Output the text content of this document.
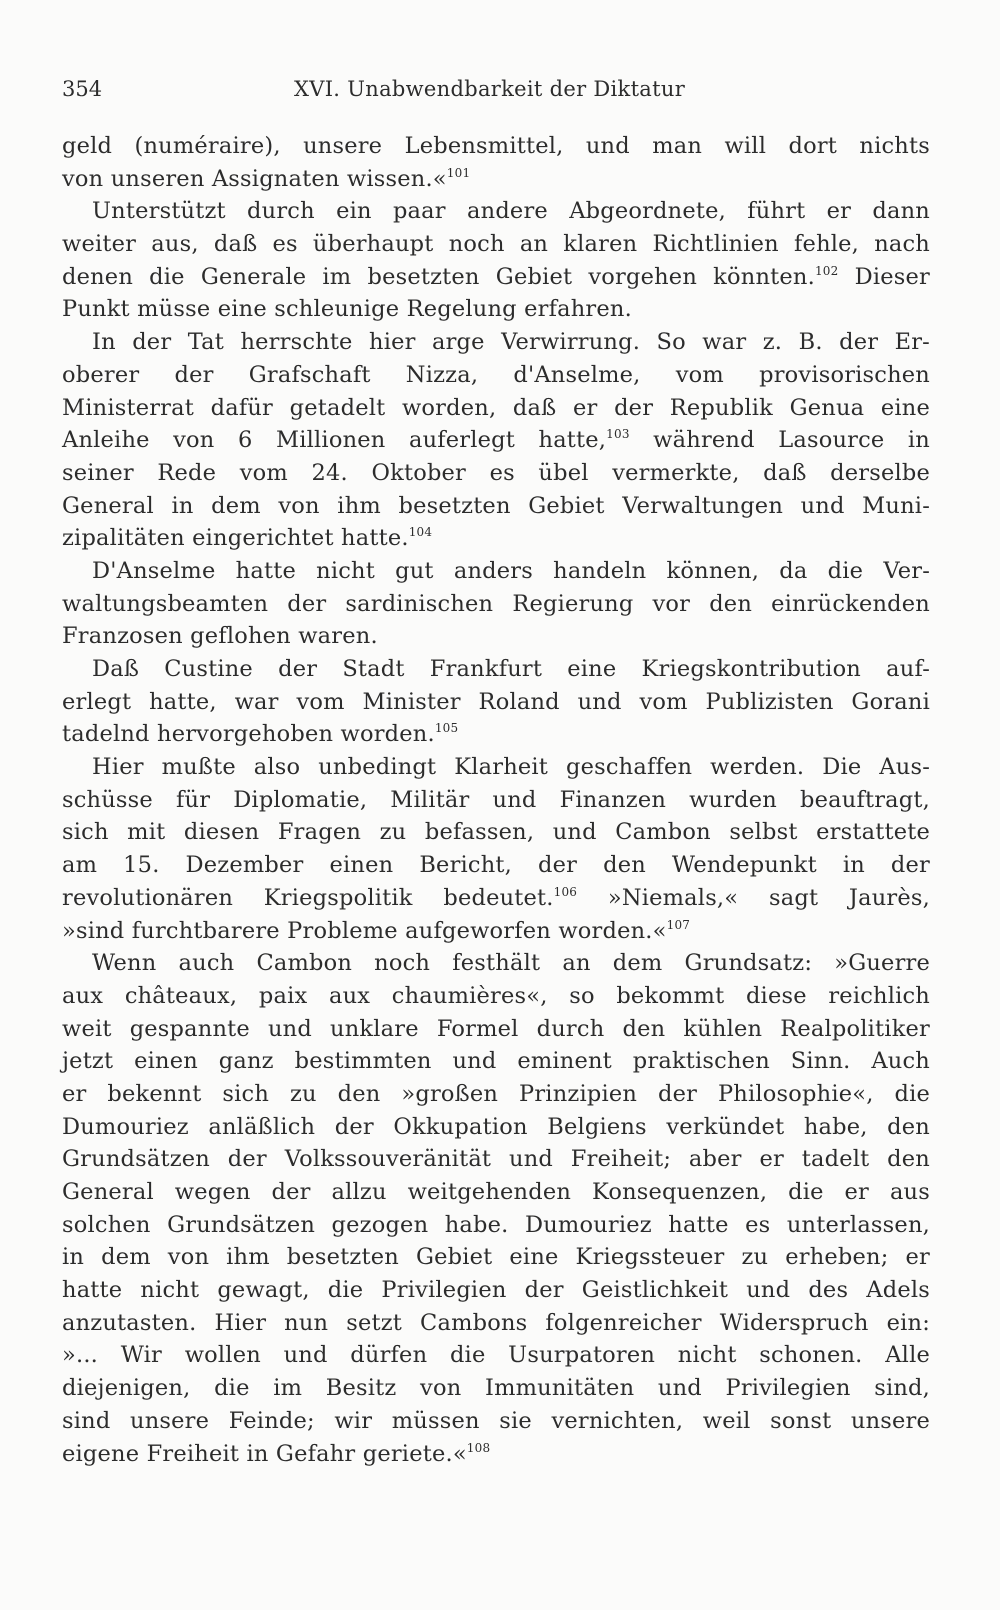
354	XVI. Unabwendbarkeit der Diktatur
geld (numéraire), unsere Lebensmittel, und man will dort nichts
von unseren Assignaten wissen.«$^{101}$
Unterstützt durch ein paar andere Abgeordnete, führt er dann
weiter aus, daß es überhaupt noch an klaren Richtlinien fehle, nach
denen die Generale im besetzten Gebiet vorgehen könnten.$^{102}$ Dieser
Punkt müsse eine schleunige Regelung erfahren.
In der Tat herrschte hier arge Verwirrung. So war z. B. der Er-
oberer der Grafschaft Nizza, d'Anselme, vom provisorischen
Ministerrat dafür getadelt worden, daß er der Republik Genua eine
Anleihe von 6 Millionen auferlegt hatte,$^{103}$ während Lasource in
seiner Rede vom 24. Oktober es übel vermerkte, daß derselbe
General in dem von ihm besetzten Gebiet Verwaltungen und Muni-
zipalitäten eingerichtet hatte.$^{104}$
D'Anselme hatte nicht gut anders handeln können, da die Ver-
waltungsbeamten der sardinischen Regierung vor den einrückenden
Franzosen geflohen waren.
Daß Custine der Stadt Frankfurt eine Kriegskontribution auf-
erlegt hatte, war vom Minister Roland und vom Publizisten Gorani
tadelnd hervorgehoben worden.$^{105}$
Hier mußte also unbedingt Klarheit geschaffen werden. Die Aus-
schüsse für Diplomatie, Militär und Finanzen wurden beauftragt,
sich mit diesen Fragen zu befassen, und Cambon selbst erstattete
am 15. Dezember einen Bericht, der den Wendepunkt in der
revolutionären Kriegspolitik bedeutet.$^{106}$ »Niemals,« sagt Jaurès,
»sind furchtbarere Probleme aufgeworfen worden.«$^{107}$
Wenn auch Cambon noch festhält an dem Grundsatz: »Guerre
aux châteaux, paix aux chaumières«, so bekommt diese reichlich
weit gespannte und unklare Formel durch den kühlen Realpolitiker
jetzt einen ganz bestimmten und eminent praktischen Sinn. Auch
er bekennt sich zu den »großen Prinzipien der Philosophie«, die
Dumouriez anläßlich der Okkupation Belgiens verkündet habe, den
Grundsätzen der Volkssouveränität und Freiheit; aber er tadelt den
General wegen der allzu weitgehenden Konsequenzen, die er aus
solchen Grundsätzen gezogen habe. Dumouriez hatte es unterlassen,
in dem von ihm besetzten Gebiet eine Kriegssteuer zu erheben; er
hatte nicht gewagt, die Privilegien der Geistlichkeit und des Adels
anzutasten. Hier nun setzt Cambons folgenreicher Widerspruch ein:
»... Wir wollen und dürfen die Usurpatoren nicht schonen. Alle
diejenigen, die im Besitz von Immunitäten und Privilegien sind,
sind unsere Feinde; wir müssen sie vernichten, weil sonst unsere
eigene Freiheit in Gefahr geriete.«$^{108}$
